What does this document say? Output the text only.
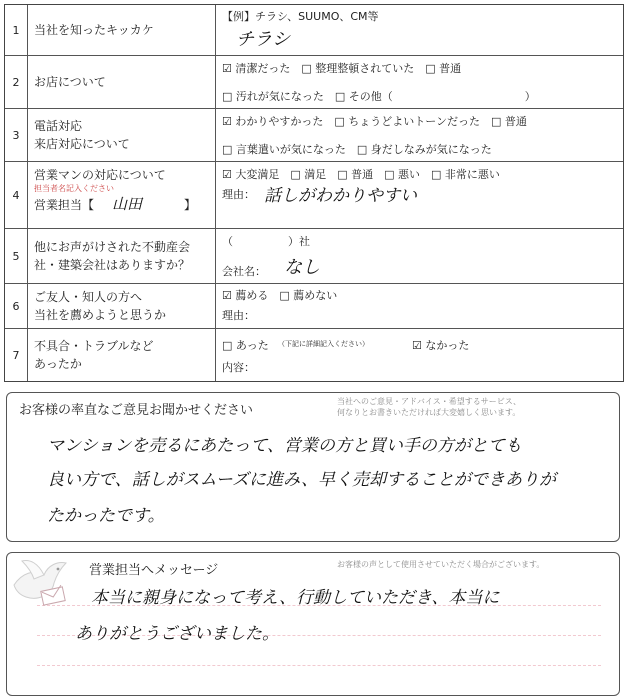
1	当社を知ったキッカケ
【例】チラシ、SUUMO、CM等
チラシ
2	お店について
☑ 清潔だった　□ 整理整頓されていた　□ 普通
□ 汚れが気になった　□ その他（　　　　　　　　　　　　）
3
電話対応
来店対応について
☑ わかりやすかった　□ ちょうどよいトーンだった　□ 普通
□ 言葉遣いが気になった　□ 身だしなみが気になった
4
営業マンの対応について
担当者名記入ください
営業担当【 山田	】
☑ 大変満足　□ 満足　□ 普通　□ 悪い　□ 非常に悪い
理由： 話しがわかりやすい
5
他にお声がけされた不動産会社・建築会社はありますか？
（　　　　　）社
会社名： なし
6
ご友人・知人の方へ
当社を薦めようと思うか
☑ 薦める　□ 薦めない
理由：
7
不具合・トラブルなど
あったか
□ あった （下記に詳細記入ください）	☑ なかった
内容：
お客様の率直なご意見お聞かせください
当社へのご意見・アドバイス・希望するサービス、
何なりとお書きいただければ大変嬉しく思います。
マンションを売るにあたって、営業の方と買い手の方がとても
良い方で、話しがスムーズに進み、早く売却することができありが
たかったです。
営業担当へメッセージ	お客様の声として使用させていただく場合がございます。
本当に親身になって考え、行動していただき、本当に
ありがとうございました。
